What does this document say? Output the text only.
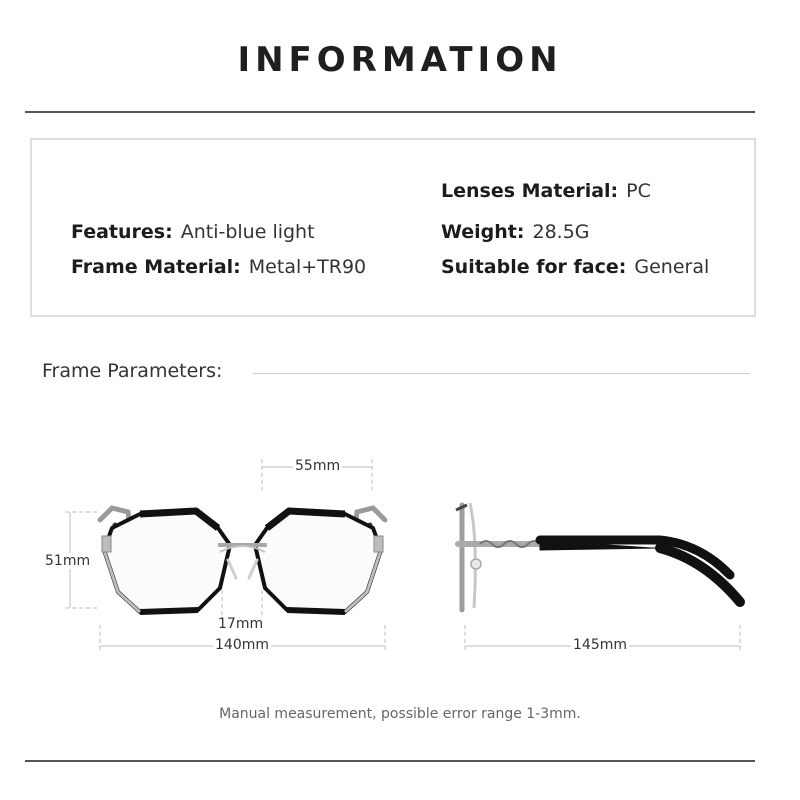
INFORMATION
Features: Anti-blue light
Frame Material: Metal+TR90
Lenses Material: PC
Weight: 28.5G
Suitable for face: General
Frame Parameters:
55mm
51mm
17mm
140mm	145mm
Manual measurement, possible error range 1-3mm.
